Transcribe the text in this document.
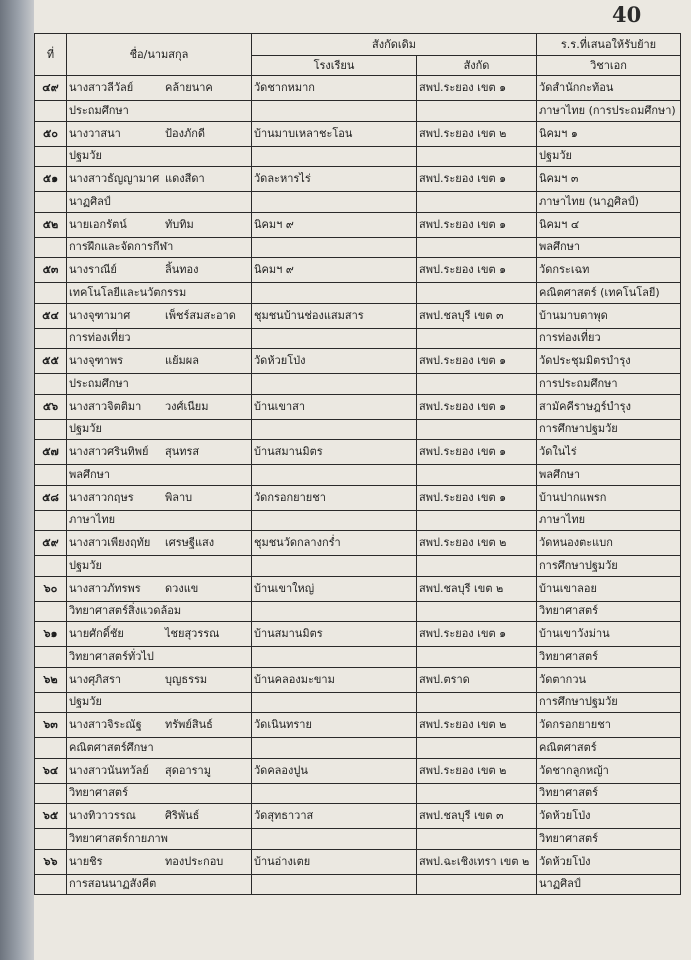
40
ที่	ชื่อ/นามสกุล	สังกัดเดิม		ร.ร.ที่เสนอให้รับย้าย
		โรงเรียน	สังกัด	วิชาเอก
๔๙	นางสาวลีวัลย์ คล้ายนาค	วัดชากหมาก	สพป.ระยอง เขต ๑	วัดสำนักกะท้อน
	ประถมศึกษา			ภาษาไทย (การประถมศึกษา)
๕๐	นางวาสนา ป้องภักดี	บ้านมาบเหลาชะโอน	สพป.ระยอง เขต ๒	นิคมฯ ๑
	ปฐมวัย			ปฐมวัย
๕๑	นางสาวธัญญามาศ แดงสีดา	วัดละหารไร่	สพป.ระยอง เขต ๑	นิคมฯ ๓
	นาฏศิลป์			ภาษาไทย (นาฏศิลป์)
๕๒	นายเอกรัตน์ ทับทิม	นิคมฯ ๙	สพป.ระยอง เขต ๑	นิคมฯ ๔
	การฝึกและจัดการกีฬา			พลศึกษา
๕๓	นางราณีย์ ลิ้นทอง	นิคมฯ ๙	สพป.ระยอง เขต ๑	วัดกระเฉท
	เทคโนโลยีและนวัตกรรม			คณิตศาสตร์ (เทคโนโลยี)
๕๔	นางจุฑามาศ เพ็ชร์สมสะอาด	ชุมชนบ้านช่องแสมสาร	สพป.ชลบุรี เขต ๓	บ้านมาบตาพุด
	การท่องเที่ยว			การท่องเที่ยว
๕๕	นางจุฑาพร แย้มผล	วัดห้วยโป่ง	สพป.ระยอง เขต ๑	วัดประชุมมิตรบำรุง
	ประถมศึกษา			การประถมศึกษา
๕๖	นางสาวจิตติมา วงศ์เนียม	บ้านเขาสา	สพป.ระยอง เขต ๑	สามัคคีราษฎร์บำรุง
	ปฐมวัย			การศึกษาปฐมวัย
๕๗	นางสาวศรินทิพย์ สุนทรส	บ้านสมานมิตร	สพป.ระยอง เขต ๑	วัดในไร่
	พลศึกษา			พลศึกษา
๕๘	นางสาวกฤษร พิลาบ	วัดกรอกยายชา	สพป.ระยอง เขต ๑	บ้านปากแพรก
	ภาษาไทย			ภาษาไทย
๕๙	นางสาวเพียงฤทัย เศรษฐีแสง	ชุมชนวัดกลางกร่ำ	สพป.ระยอง เขต ๒	วัดหนองตะแบก
	ปฐมวัย			การศึกษาปฐมวัย
๖๐	นางสาวภัทรพร ดวงแข	บ้านเขาใหญ่	สพป.ชลบุรี เขต ๒	บ้านเขาลอย
	วิทยาศาสตร์สิ่งแวดล้อม			วิทยาศาสตร์
๖๑	นายศักดิ์ชัย ไชยสุวรรณ	บ้านสมานมิตร	สพป.ระยอง เขต ๑	บ้านเขาวังม่าน
	วิทยาศาสตร์ทั่วไป			วิทยาศาสตร์
๖๒	นางศุภิสรา บุญธรรม	บ้านคลองมะขาม	สพป.ตราด	วัดตากวน
	ปฐมวัย			การศึกษาปฐมวัย
๖๓	นางสาวจิระณัฐ ทรัพย์สินธ์	วัดเนินทราย	สพป.ระยอง เขต ๒	วัดกรอกยายชา
	คณิตศาสตร์ศึกษา			คณิตศาสตร์
๖๔	นางสาวนันทวัลย์ สุดอารามู	วัดคลองปูน	สพป.ระยอง เขต ๒	วัดชากลูกหญ้า
	วิทยาศาสตร์			วิทยาศาสตร์
๖๕	นางทิวาวรรณ ศิริพันธ์	วัดสุทธาวาส	สพป.ชลบุรี เขต ๓	วัดห้วยโป่ง
	วิทยาศาสตร์กายภาพ			วิทยาศาสตร์
๖๖	นายชิร ทองประกอบ	บ้านอ่างเตย	สพป.ฉะเชิงเทรา เขต ๒	วัดห้วยโป่ง
	การสอนนาฏสังคีต			นาฏศิลป์
